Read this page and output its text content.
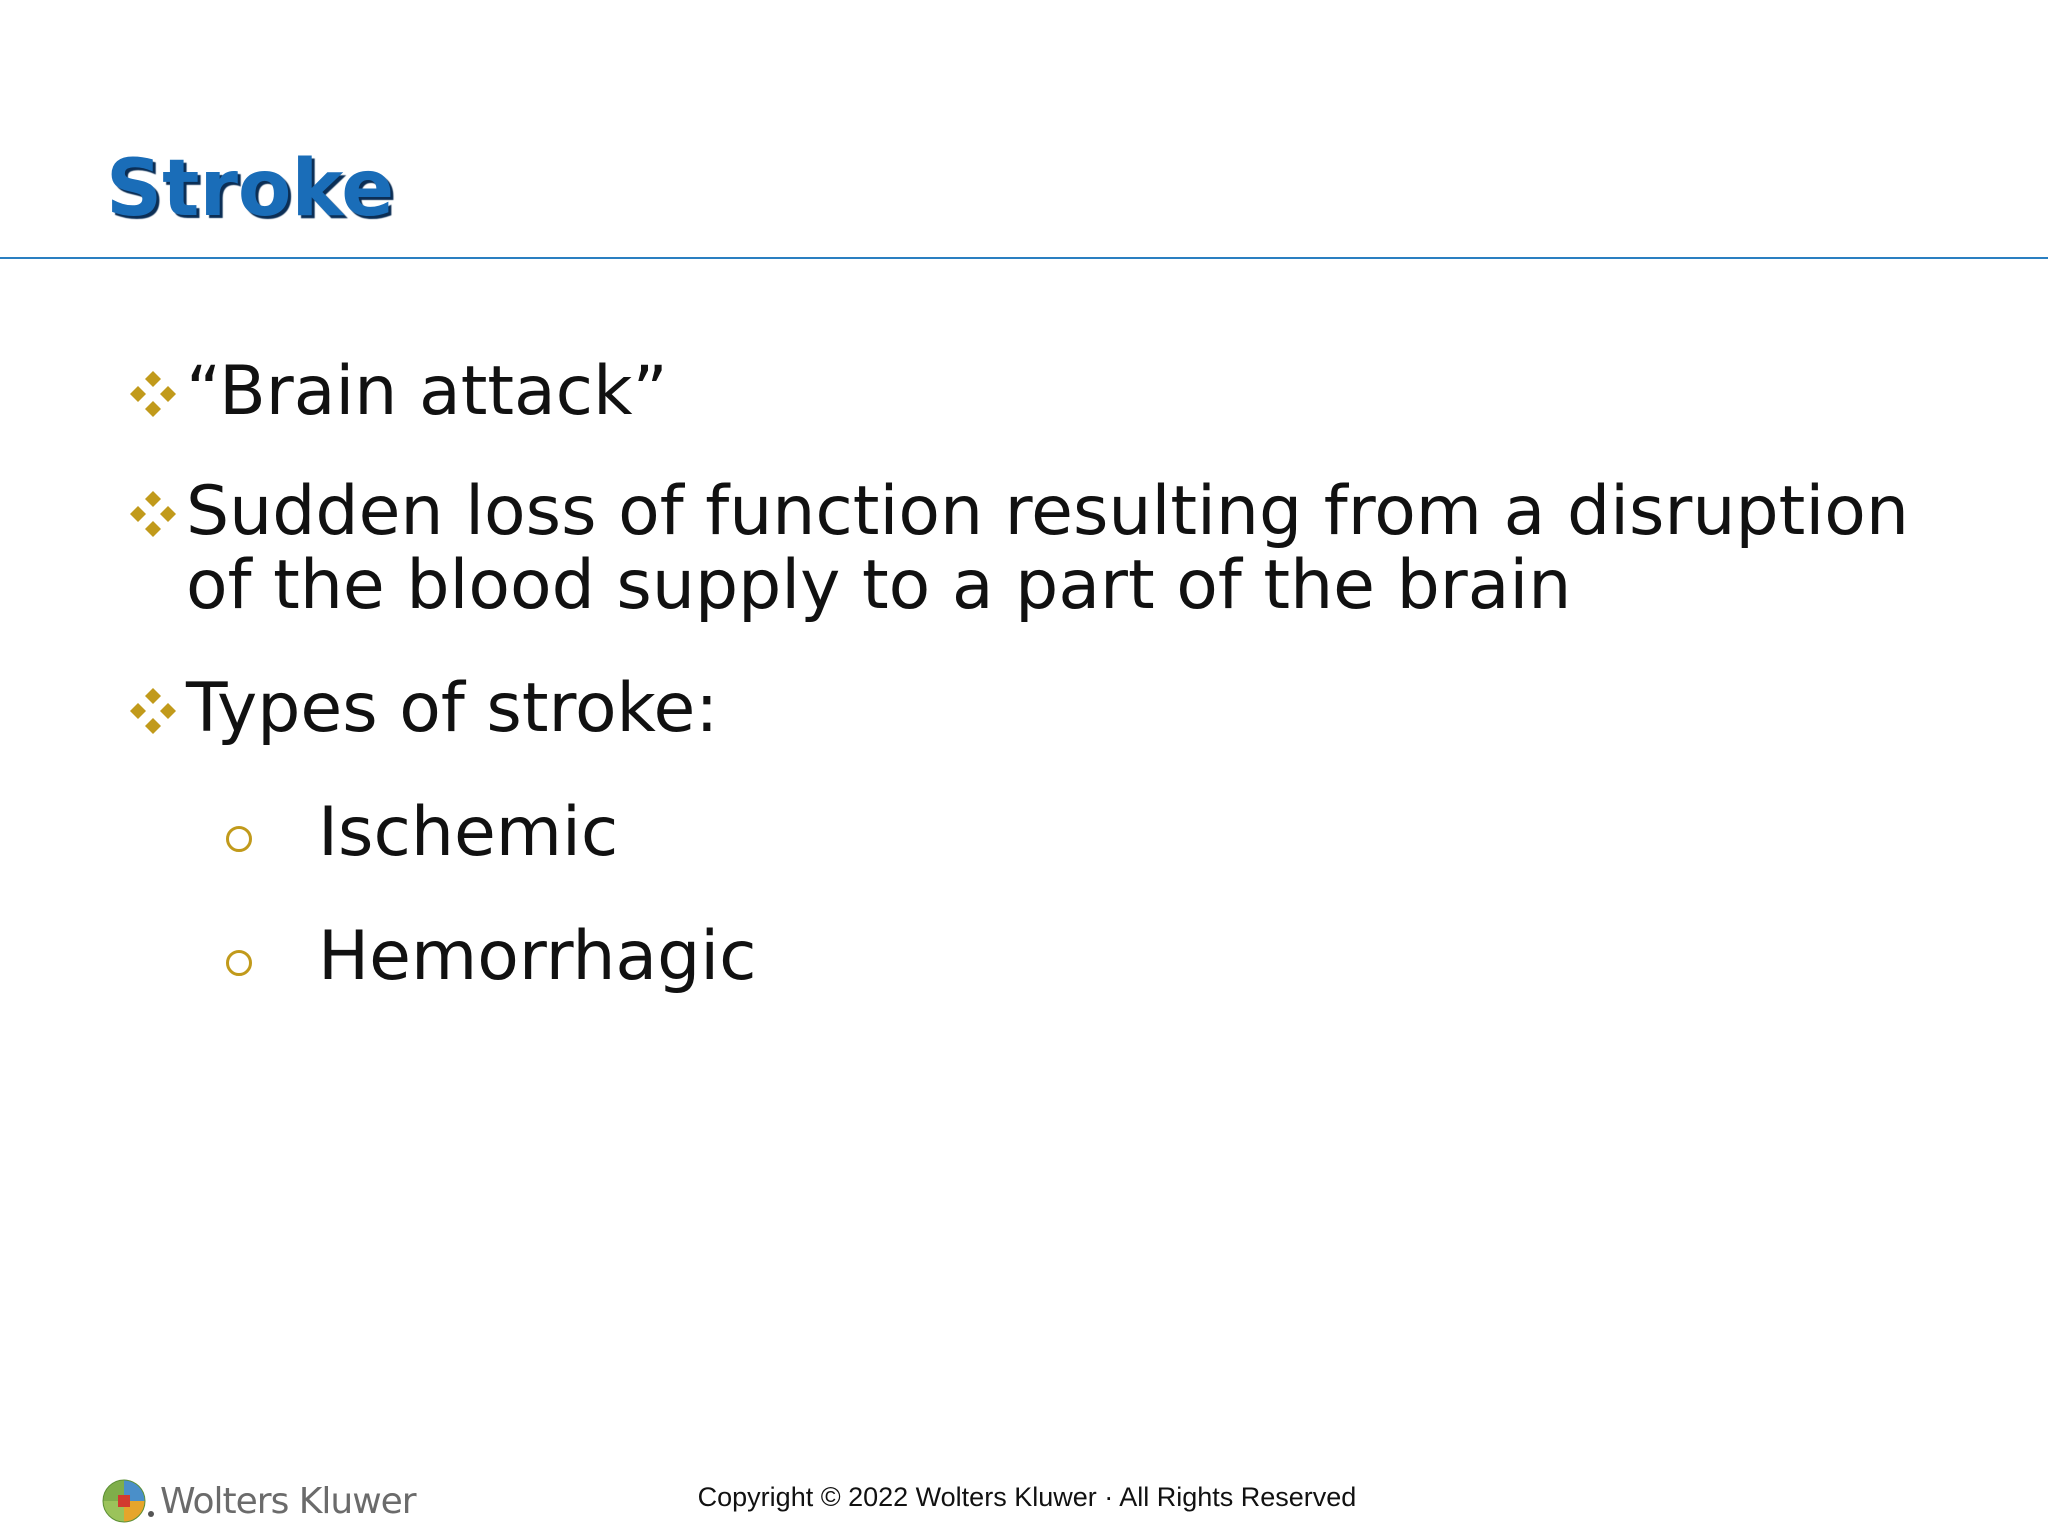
Stroke
“Brain attack”
Sudden loss of function resulting from a disruption of the blood supply to a part of the brain
Types of stroke:
Ischemic
Hemorrhagic
Wolters Kluwer	Copyright © 2022 Wolters Kluwer · All Rights Reserved
